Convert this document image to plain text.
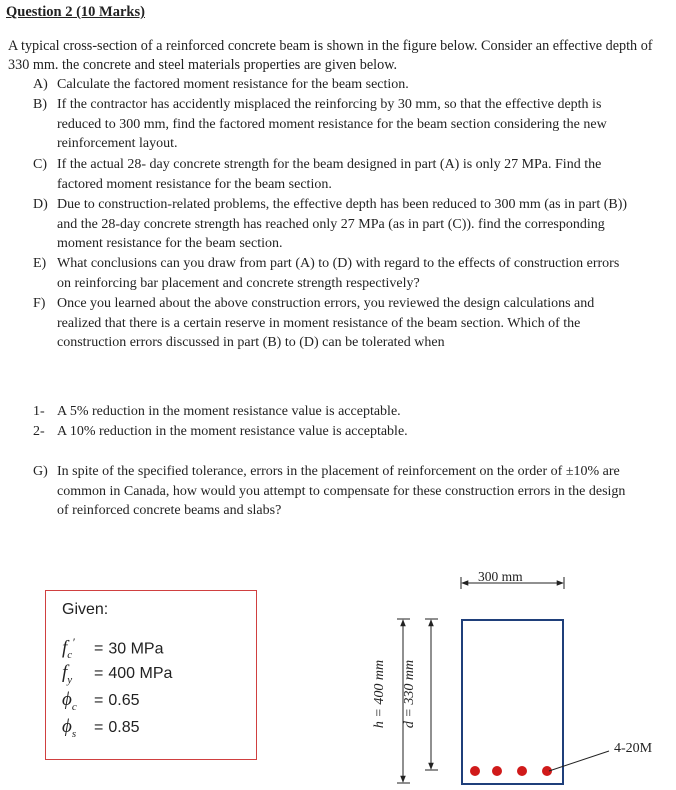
Question 2 (10 Marks)
A typical cross-section of a reinforced concrete beam is shown in the figure below. Consider an effective depth of 330 mm. the concrete and steel materials properties are given below.
A) Calculate the factored moment resistance for the beam section.
B) If the contractor has accidently misplaced the reinforcing by 30 mm, so that the effective depth is reduced to 300 mm, find the factored moment resistance for the beam section considering the new reinforcement layout.
C) If the actual 28- day concrete strength for the beam designed in part (A) is only 27 MPa. Find the factored moment resistance for the beam section.
D) Due to construction-related problems, the effective depth has been reduced to 300 mm (as in part (B)) and the 28-day concrete strength has reached only 27 MPa (as in part (C)). find the corresponding moment resistance for the beam section.
E) What conclusions can you draw from part (A) to (D) with regard to the effects of construction errors on reinforcing bar placement and concrete strength respectively?
F) Once you learned about the above construction errors, you reviewed the design calculations and realized that there is a certain reserve in moment resistance of the beam section. Which of the construction errors discussed in part (B) to (D) can be tolerated when
1- A 5% reduction in the moment resistance value is acceptable.
2- A 10% reduction in the moment resistance value is acceptable.
G) In spite of the specified tolerance, errors in the placement of reinforcement on the order of ±10% are common in Canada, how would you attempt to compensate for these construction errors in the design of reinforced concrete beams and slabs?
Given:
$f_c' = 30$ MPa
$f_y = 400$ MPa
$\phi_c = 0.65$
$\phi_s = 0.85$	h = 400 mm d = 330 mm
300 mm
4-20M
